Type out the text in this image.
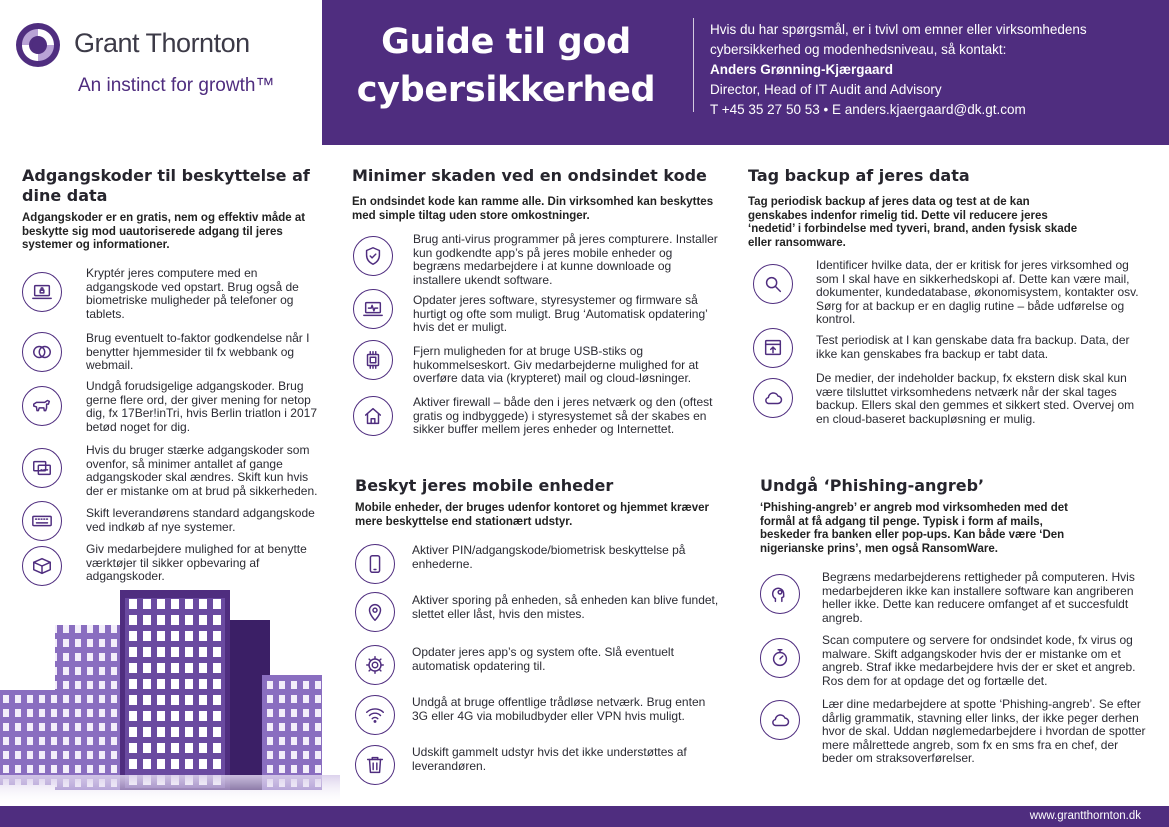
Grant Thornton
An instinct for growth™
Guide til god
cybersikkerhed
Hvis du har spørgsmål, er i tvivl om emner eller virksomhedens cybersikkerhed og modenhedsniveau, så kontakt:
Anders Grønning-Kjærgaard
Director, Head of IT Audit and Advisory
T +45 35 27 50 53 • E anders.kjaergaard@dk.gt.com
Adgangskoder til beskyttelse af dine data
Adgangskoder er en gratis, nem og effektiv måde at beskytte sig mod uautoriserede adgang til jeres systemer og informationer.
Kryptér jeres computere med en adgangskode ved opstart. Brug også de biometriske muligheder på telefoner og tablets.
Brug eventuelt to-faktor godkendelse når I benytter hjemmesider til fx webbank og webmail.
Undgå forudsigelige adgangskoder. Brug gerne flere ord, der giver mening for netop dig, fx 17Ber!inTri, hvis Berlin triatlon i 2017 betød noget for dig.
Hvis du bruger stærke adgangskoder som ovenfor, så minimer antallet af gange adgangskoder skal ændres. Skift kun hvis der er mistanke om at brud på sikkerheden.
Skift leverandørens standard adgangskode ved indkøb af nye systemer.
Giv medarbejdere mulighed for at benytte værktøjer til sikker opbevaring af adgangskoder.
Minimer skaden ved en ondsindet kode
En ondsindet kode kan ramme alle. Din virksomhed kan beskyttes med simple tiltag uden store omkostninger.
Brug anti-virus programmer på jeres compturere. Installer kun godkendte app’s på jeres mobile enheder og begræns medarbejdere i at kunne downloade og installere ukendt software.
Opdater jeres software, styresystemer og firmware så hurtigt og ofte som muligt. Brug ‘Automatisk opdatering’ hvis det er muligt.
Fjern muligheden for at bruge USB-stiks og hukommelseskort. Giv medarbejderne mulighed for at overføre data via (krypteret) mail og cloud-løsninger.
Aktiver firewall – både den i jeres netværk og den (oftest gratis og indbyggede) i styresystemet så der skabes en sikker buffer mellem jeres enheder og Internettet.
Beskyt jeres mobile enheder
Mobile enheder, der bruges udenfor kontoret og hjemmet kræver mere beskyttelse end stationært udstyr.
Aktiver PIN/adgangskode/biometrisk beskyttelse på enhederne.
Aktiver sporing på enheden, så enheden kan blive fundet, slettet eller låst, hvis den mistes.
Opdater jeres app’s og system ofte. Slå eventuelt automatisk opdatering til.
Undgå at bruge offentlige trådløse netværk. Brug enten 3G eller 4G via mobiludbyder eller VPN hvis muligt.
Udskift gammelt udstyr hvis det ikke understøttes af leverandøren.
Tag backup af jeres data
Tag periodisk backup af jeres data og test at de kan genskabes indenfor rimelig tid. Dette vil reducere jeres ‘nedetid’ i forbindelse med tyveri, brand, anden fysisk skade eller ransomware.
Identificer hvilke data, der er kritisk for jeres virksomhed og som I skal have en sikkerhedskopi af. Dette kan være mail, dokumenter, kundedatabase, økonomisystem, kontakter osv. Sørg for at backup er en daglig rutine – både udførelse og kontrol.
Test periodisk at I kan genskabe data fra backup. Data, der ikke kan genskabes fra backup er tabt data.
De medier, der indeholder backup, fx ekstern disk skal kun være tilsluttet virksomhedens netværk når der skal tages backup. Ellers skal den gemmes et sikkert sted. Overvej om en cloud-baseret backupløsning er mulig.
Undgå ‘Phishing-angreb’
‘Phishing-angreb’ er angreb mod virksomheden med det formål at få adgang til penge. Typisk i form af mails, beskeder fra banken eller pop-ups. Kan både være ‘Den nigerianske prins’, men også RansomWare.
Begræns medarbejderens rettigheder på computeren. Hvis medarbejderen ikke kan installere software kan angriberen heller ikke. Dette kan reducere omfanget af et succesfuldt angreb.
Scan computere og servere for ondsindet kode, fx virus og malware. Skift adgangskoder hvis der er mistanke om et angreb. Straf ikke medarbejdere hvis der er sket et angreb. Ros dem for at opdage det og fortælle det.
Lær dine medarbejdere at spotte ‘Phishing-angreb’. Se efter dårlig grammatik, stavning eller links, der ikke peger derhen hvor de skal. Uddan nøglemedarbejdere i hvordan de spotter mere målrettede angreb, som fx en sms fra en chef, der beder om straksoverførelser.
www.grantthornton.dk
